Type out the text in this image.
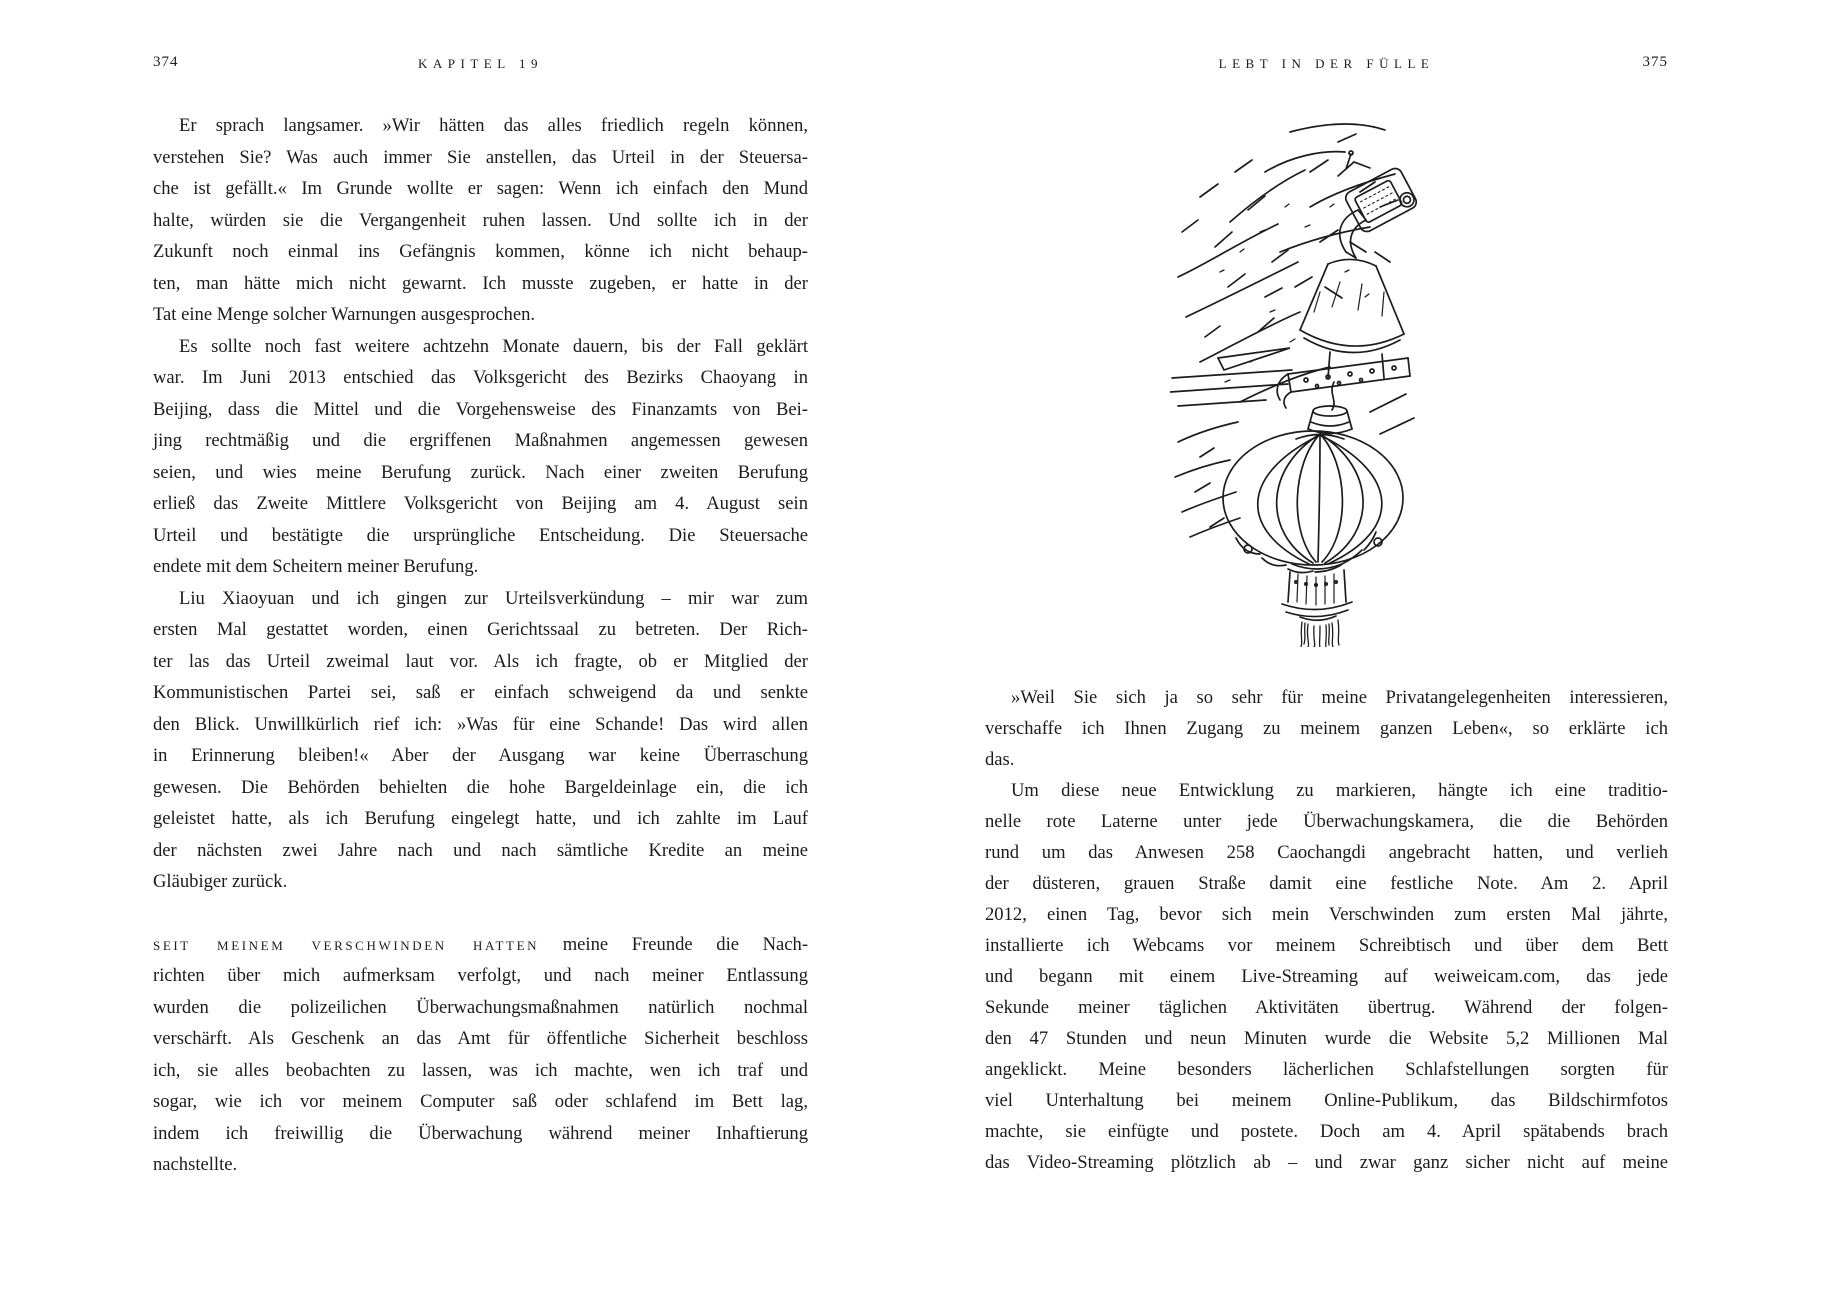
374	KAPITEL 19	LEBT IN DER FÜLLE	375
Er sprach langsamer. »Wir hätten das alles friedlich regeln können,
verstehen Sie? Was auch immer Sie anstellen, das Urteil in der Steuersa-
che ist gefällt.« Im Grunde wollte er sagen: Wenn ich einfach den Mund
halte, würden sie die Vergangenheit ruhen lassen. Und sollte ich in der
Zukunft noch einmal ins Gefängnis kommen, könne ich nicht behaup-
ten, man hätte mich nicht gewarnt. Ich musste zugeben, er hatte in der
Tat eine Menge solcher Warnungen ausgesprochen.
Es sollte noch fast weitere achtzehn Monate dauern, bis der Fall geklärt
war. Im Juni 2013 entschied das Volksgericht des Bezirks Chaoyang in
Beijing, dass die Mittel und die Vorgehensweise des Finanzamts von Bei-
jing rechtmäßig und die ergriffenen Maßnahmen angemessen gewesen
seien, und wies meine Berufung zurück. Nach einer zweiten Berufung
erließ das Zweite Mittlere Volksgericht von Beijing am 4. August sein
Urteil und bestätigte die ursprüngliche Entscheidung. Die Steuersache
endete mit dem Scheitern meiner Berufung.
Liu Xiaoyuan und ich gingen zur Urteilsverkündung – mir war zum
ersten Mal gestattet worden, einen Gerichtssaal zu betreten. Der Rich-
ter las das Urteil zweimal laut vor. Als ich fragte, ob er Mitglied der
Kommunistischen Partei sei, saß er einfach schweigend da und senkte
den Blick. Unwillkürlich rief ich: »Was für eine Schande! Das wird allen
in Erinnerung bleiben!« Aber der Ausgang war keine Überraschung
gewesen. Die Behörden behielten die hohe Bargeldeinlage ein, die ich
geleistet hatte, als ich Berufung eingelegt hatte, und ich zahlte im Lauf
der nächsten zwei Jahre nach und nach sämtliche Kredite an meine
Gläubiger zurück.
seit meinem verschwinden hatten meine Freunde die Nach-
richten über mich aufmerksam verfolgt, und nach meiner Entlassung
wurden die polizeilichen Überwachungsmaßnahmen natürlich nochmal
verschärft. Als Geschenk an das Amt für öffentliche Sicherheit beschloss
ich, sie alles beobachten zu lassen, was ich machte, wen ich traf und
sogar, wie ich vor meinem Computer saß oder schlafend im Bett lag,
indem ich freiwillig die Überwachung während meiner Inhaftierung
nachstellte.
»Weil Sie sich ja so sehr für meine Privatangelegenheiten interessieren,
verschaffe ich Ihnen Zugang zu meinem ganzen Leben«, so erklärte ich
das.
Um diese neue Entwicklung zu markieren, hängte ich eine traditio-
nelle rote Laterne unter jede Überwachungskamera, die die Behörden
rund um das Anwesen 258 Caochangdi angebracht hatten, und verlieh
der düsteren, grauen Straße damit eine festliche Note. Am 2. April
2012, einen Tag, bevor sich mein Verschwinden zum ersten Mal jährte,
installierte ich Webcams vor meinem Schreibtisch und über dem Bett
und begann mit einem Live-Streaming auf weiweicam.com, das jede
Sekunde meiner täglichen Aktivitäten übertrug. Während der folgen-
den 47 Stunden und neun Minuten wurde die Website 5,2 Millionen Mal
angeklickt. Meine besonders lächerlichen Schlafstellungen sorgten für
viel Unterhaltung bei meinem Online-Publikum, das Bildschirmfotos
machte, sie einfügte und postete. Doch am 4. April spätabends brach
das Video-Streaming plötzlich ab – und zwar ganz sicher nicht auf meine
